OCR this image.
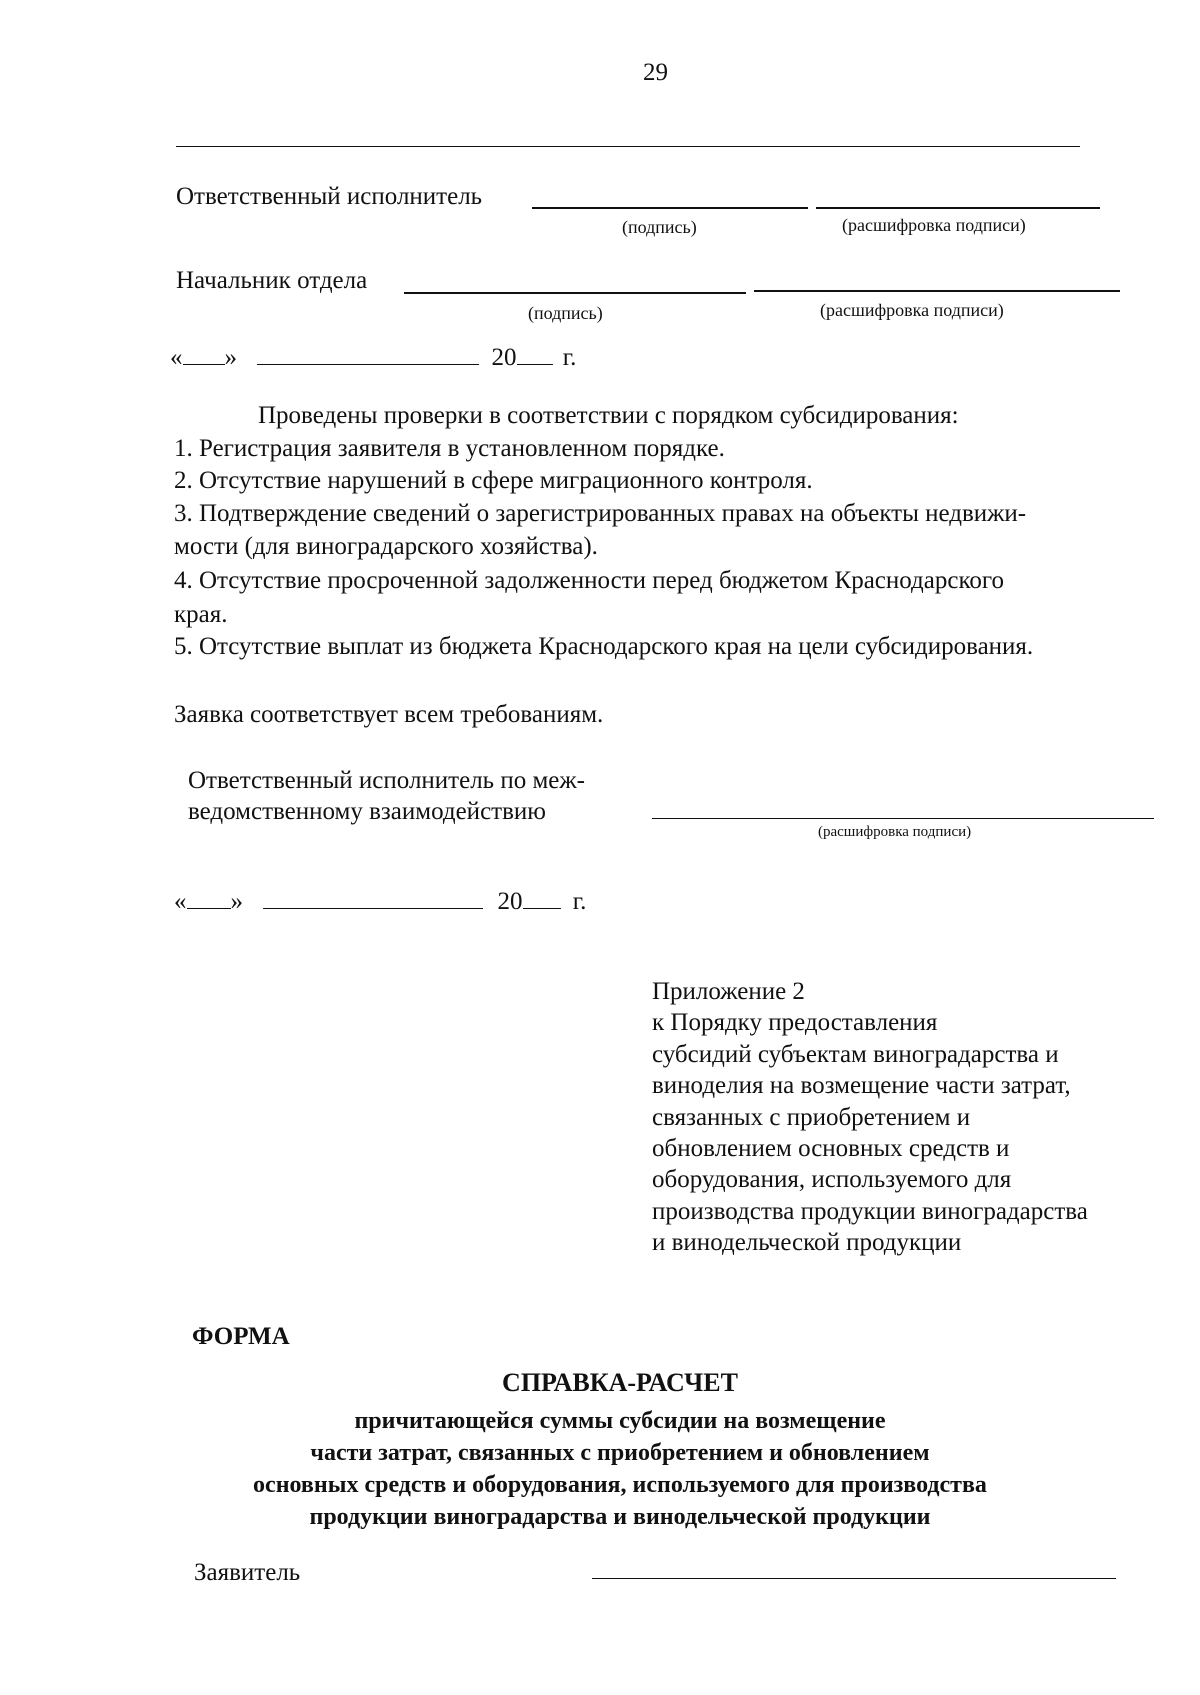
29
Ответственный исполнитель
(подпись)	(расшифровка подписи)
Начальник отдела
(подпись)	(расшифровка подписи)
« »	20 г.
Проведены проверки в соответствии с порядком субсидирования:
1. Регистрация заявителя в установленном порядке.
2. Отсутствие нарушений в сфере миграционного контроля.
3. Подтверждение сведений о зарегистрированных правах на объекты недвижи-
мости (для виноградарского хозяйства).
4. Отсутствие просроченной задолженности перед бюджетом Краснодарского
края.
5. Отсутствие выплат из бюджета Краснодарского края на цели субсидирования.
Заявка соответствует всем требованиям.
Ответственный исполнитель по меж-
ведомственному взаимодействию
(расшифровка подписи)
« »	20 г.
Приложение 2
к Порядку предоставления
субсидий субъектам виноградарства и
виноделия на возмещение части затрат,
связанных с приобретением и
обновлением основных средств и
оборудования, используемого для
производства продукции виноградарства
и винодельческой продукции
ФОРМА
СПРАВКА-РАСЧЕТ
причитающейся суммы субсидии на возмещение
части затрат, связанных с приобретением и обновлением
основных средств и оборудования, используемого для производства
продукции виноградарства и винодельческой продукции
Заявитель
